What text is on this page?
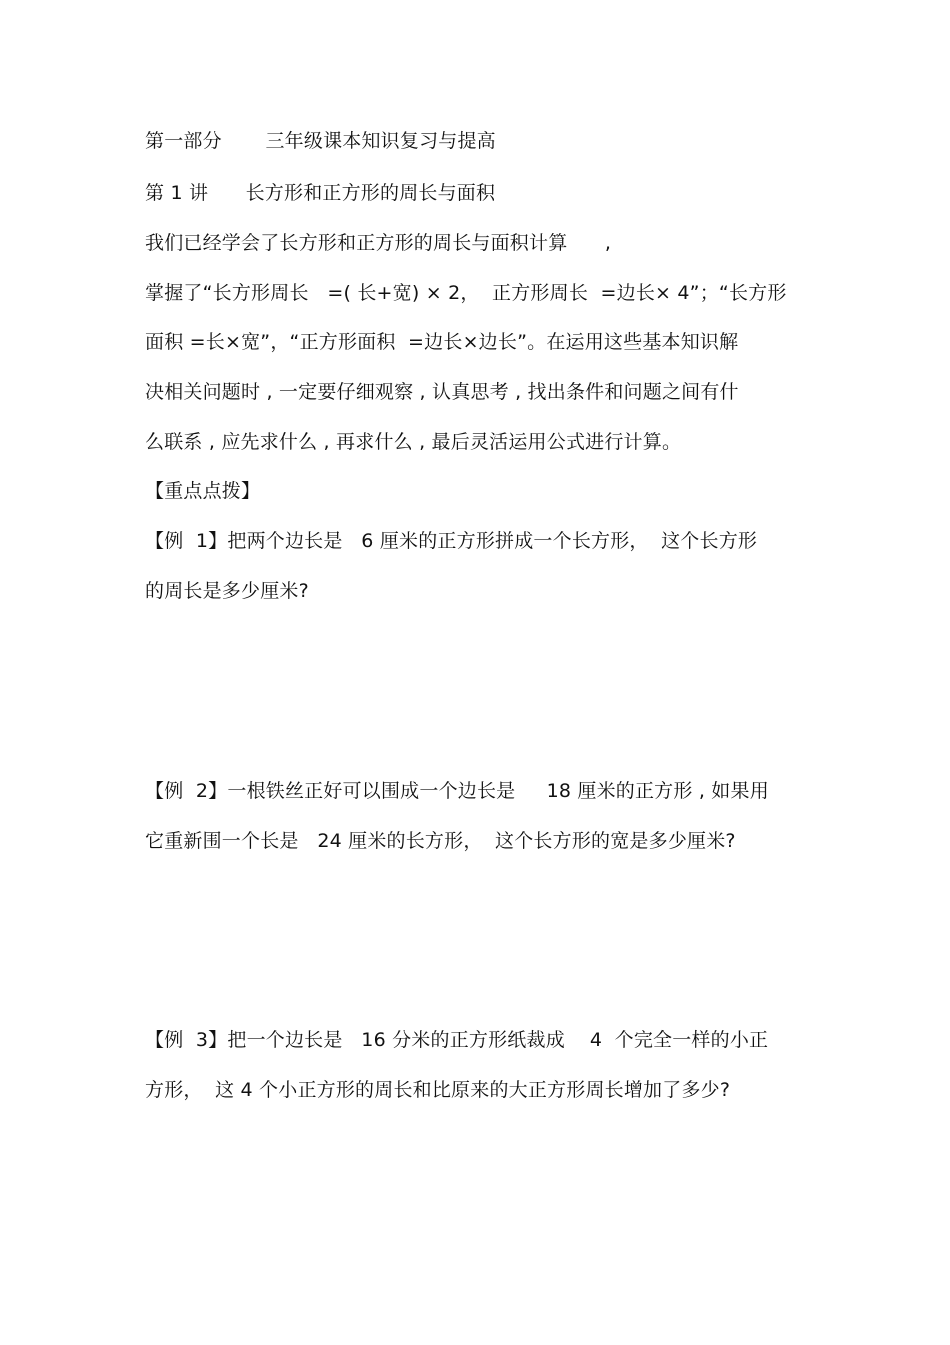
第一部分       三年级课本知识复习与提高
第 1 讲      长方形和正方形的周长与面积
我们已经学会了长方形和正方形的周长与面积计算      ,
掌握了“长方形周长   =( 长+宽) × 2，  正方形周长  =边长× 4”；“长方形
面积 =长×宽”，“正方形面积  =边长×边长”。在运用这些基本知识解
决相关问题时 , 一定要仔细观察 , 认真思考 , 找出条件和问题之间有什
么联系 , 应先求什么 , 再求什么 , 最后灵活运用公式进行计算。
【重点点拨】
【例  1】把两个边长是   6 厘米的正方形拼成一个长方形，  这个长方形
的周长是多少厘米?
【例  2】一根铁丝正好可以围成一个边长是     18 厘米的正方形 , 如果用
它重新围一个长是   24 厘米的长方形，  这个长方形的宽是多少厘米?
【例  3】把一个边长是   16 分米的正方形纸裁成    4  个完全一样的小正
方形，  这 4 个小正方形的周长和比原来的大正方形周长增加了多少?
